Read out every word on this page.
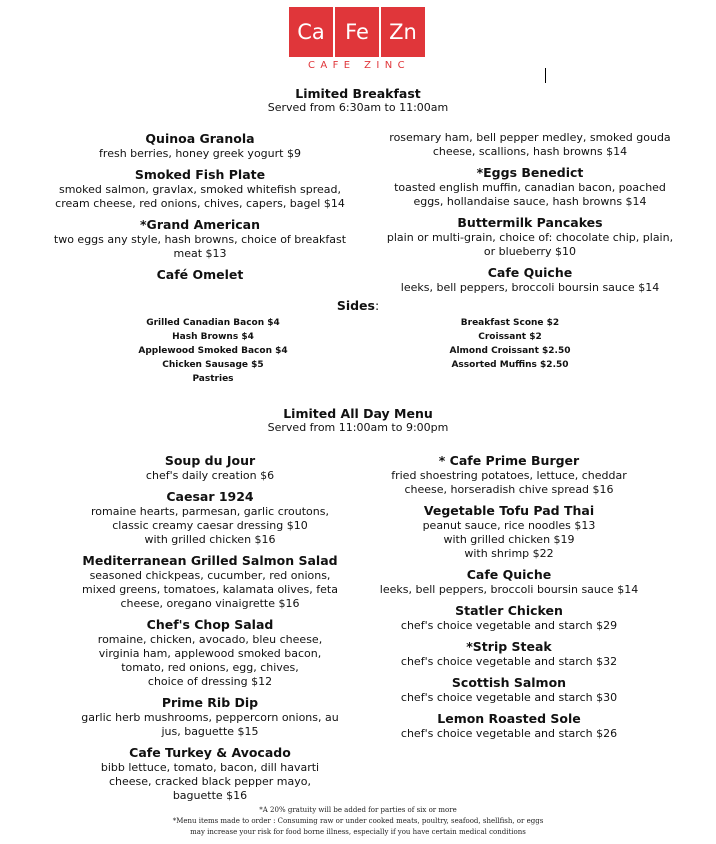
Ca Fe Zn
CAFE ZINC
Limited Breakfast
Served from 6:30am to 11:00am
Quinoa Granola
fresh berries, honey greek yogurt $9
Smoked Fish Plate
smoked salmon, gravlax, smoked whitefish spread,
cream cheese, red onions, chives, capers, bagel $14
*Grand American
two eggs any style, hash browns, choice of breakfast
meat $13
Café Omelet
rosemary ham, bell pepper medley, smoked gouda
cheese, scallions, hash browns $14
*Eggs Benedict
toasted english muffin, canadian bacon, poached
eggs, hollandaise sauce, hash browns $14
Buttermilk Pancakes
plain or multi-grain, choice of: chocolate chip, plain,
or blueberry $10
Cafe Quiche
leeks, bell peppers, broccoli boursin sauce $14
Sides:
Grilled Canadian Bacon $4
Hash Browns $4
Applewood Smoked Bacon $4
Chicken Sausage $5
Pastries
Breakfast Scone $2
Croissant $2
Almond Croissant $2.50
Assorted Muffins $2.50
Limited All Day Menu
Served from 11:00am to 9:00pm
Soup du Jour
chef's daily creation $6
Caesar 1924
romaine hearts, parmesan, garlic croutons,
classic creamy caesar dressing $10
with grilled chicken $16
Mediterranean Grilled Salmon Salad
seasoned chickpeas, cucumber, red onions,
mixed greens, tomatoes, kalamata olives, feta
cheese, oregano vinaigrette $16
Chef's Chop Salad
romaine, chicken, avocado, bleu cheese,
virginia ham, applewood smoked bacon,
tomato, red onions, egg, chives,
choice of dressing $12
Prime Rib Dip
garlic herb mushrooms, peppercorn onions, au
jus, baguette $15
Cafe Turkey & Avocado
bibb lettuce, tomato, bacon, dill havarti
cheese, cracked black pepper mayo,
baguette $16
* Cafe Prime Burger
fried shoestring potatoes, lettuce, cheddar
cheese, horseradish chive spread $16
Vegetable Tofu Pad Thai
peanut sauce, rice noodles $13
with grilled chicken $19
with shrimp $22
Cafe Quiche
leeks, bell peppers, broccoli boursin sauce $14
Statler Chicken
chef's choice vegetable and starch $29
*Strip Steak
chef's choice vegetable and starch $32
Scottish Salmon
chef's choice vegetable and starch $30
Lemon Roasted Sole
chef's choice vegetable and starch $26
*A 20% gratuity will be added for parties of six or more
*Menu items made to order : Consuming raw or under cooked meats, poultry, seafood, shellfish, or eggs
may increase your risk for food borne illness, especially if you have certain medical conditions
